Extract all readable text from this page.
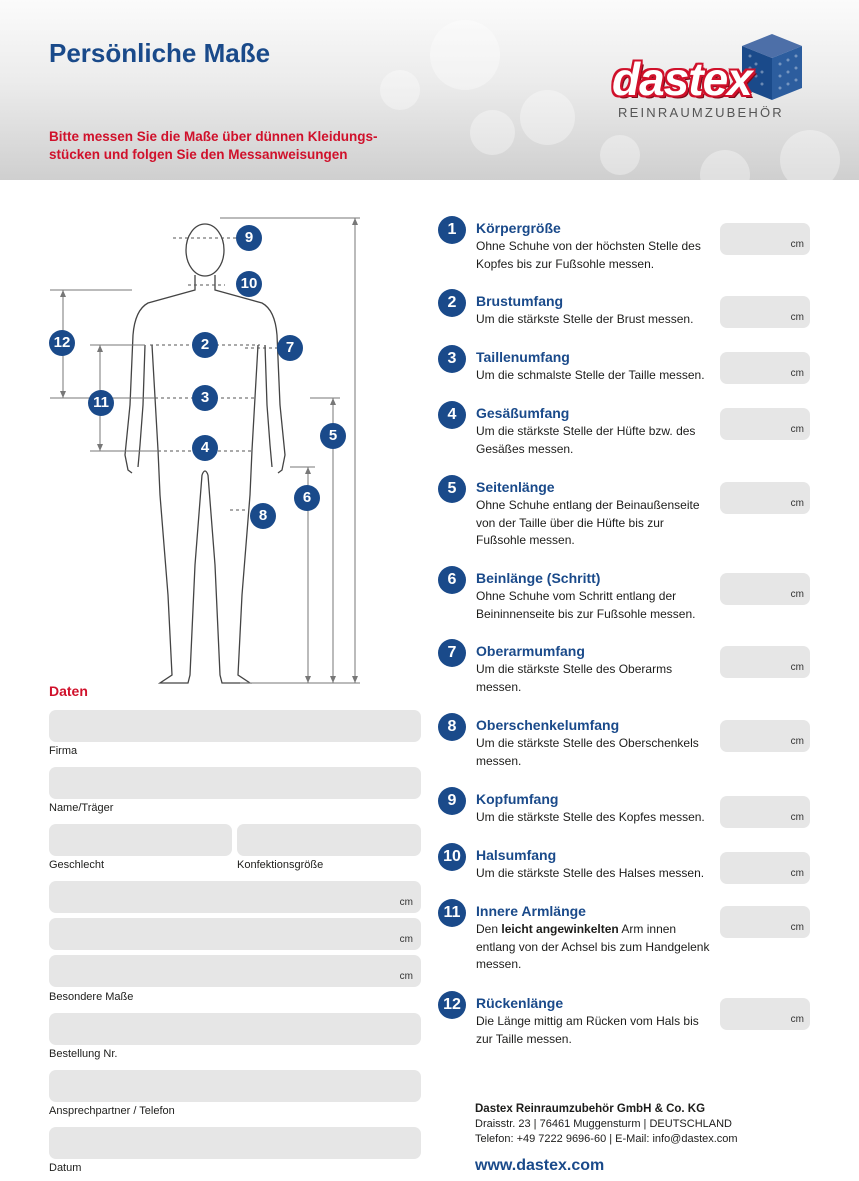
Persönliche Maße
Bitte messen Sie die Maße über dünnen Kleidungs-
stücken und folgen Sie den Messanweisungen
dastex
REINRAUMZUBEHÖR
9
10
12	2	7
11	3
5
4
6
8
Daten
Firma
Name/Träger
Geschlecht	Konfektionsgröße
cm
cm
cm
Besondere Maße
Bestellung Nr.
Ansprechpartner / Telefon
Datum
1	Körpergröße
Ohne Schuhe von der höchsten Stelle des Kopfes bis zur Fußsohle messen.
cm
2	Brustumfang
Um die stärkste Stelle der Brust messen.	cm
3	Taillenumfang
Um die schmalste Stelle der Taille messen.	cm
4	Gesäßumfang
Um die stärkste Stelle der Hüfte bzw. des Gesäßes messen.
cm
5	Seitenlänge
Ohne Schuhe entlang der Beinaußenseite von der Taille über die Hüfte bis zur Fußsohle messen.
cm
6	Beinlänge (Schritt)
Ohne Schuhe vom Schritt entlang der Beininnenseite bis zur Fußsohle messen.
cm
7	Oberarmumfang
Um die stärkste Stelle des Oberarms messen.
cm
8	Oberschenkelumfang
Um die stärkste Stelle des Oberschenkels messen.
cm
9	Kopfumfang
Um die stärkste Stelle des Kopfes messen.	cm
10	Halsumfang
Um die stärkste Stelle des Halses messen.	cm
11	Innere Armlänge
Den leicht angewinkelten Arm innen entlang von der Achsel bis zum Handgelenk messen.
cm
12	Rückenlänge
Die Länge mittig am Rücken vom Hals bis zur Taille messen.
cm
Dastex Reinraumzubehör GmbH & Co. KG
Draisstr. 23 | 76461 Muggensturm | DEUTSCHLAND
Telefon: +49 7222 9696-60 | E-Mail: info@dastex.com
www.dastex.com
